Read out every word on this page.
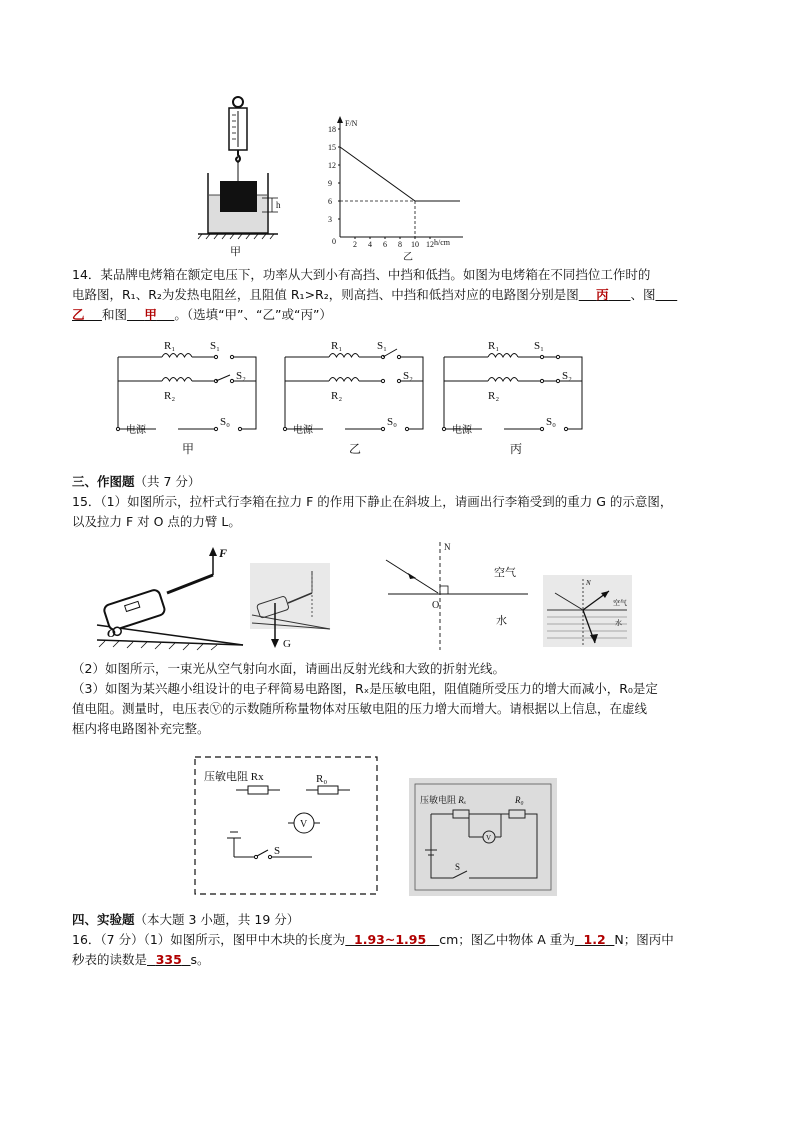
h
甲
F/N
0	h/cm
18
15
12
9
6
3
2 4 6 8 10 12
乙
14．某品牌电烤箱在额定电压下，功率从大到小有高挡、中挡和低挡。如图为电烤箱在不同挡位工作时的
电路图，R₁、R₂为发热电阻丝，且阻值 R₁>R₂，则高挡、中挡和低挡对应的电路图分别是图 丙 、图
乙 和图 甲 。（选填“甲”、“乙”或“丙”）
R₁	S₁
S₂
R₂
电源
S₀
甲
R₁	S₁
S₂
R₂
电源
S₀
乙
R₁	S₁
S₂
R₂
电源
S₀
丙
三、作图题（共 7 分）
15．（1）如图所示，拉杆式行李箱在拉力 F 的作用下静止在斜坡上，请画出行李箱受到的重力 G 的示意图，
以及拉力 F 对 O 点的力臂 L。
F
O
G
N
空气
水
O
N
空气
水
（2）如图所示，一束光从空气射向水面，请画出反射光线和大致的折射光线。
（3）如图为某兴趣小组设计的电子秤简易电路图，Rₓ是压敏电阻，阻值随所受压力的增大而减小，R₀是定
值电阻。测量时，电压表Ⓥ的示数随所称量物体对压敏电阻的压力增大而增大。请根据以上信息，在虚线
框内将电路图补充完整。
压敏电阻 Rx	R₀
V
S
压敏电阻 Rₓ	R₀
V
S
四、实验题（本大题 3 小题，共 19 分）
16．（7 分）（1）如图所示，图甲中木块的长度为 1.93~1.95 cm；图乙中物体 A 重为 1.2 N；图丙中
秒表的读数是 335 s。
